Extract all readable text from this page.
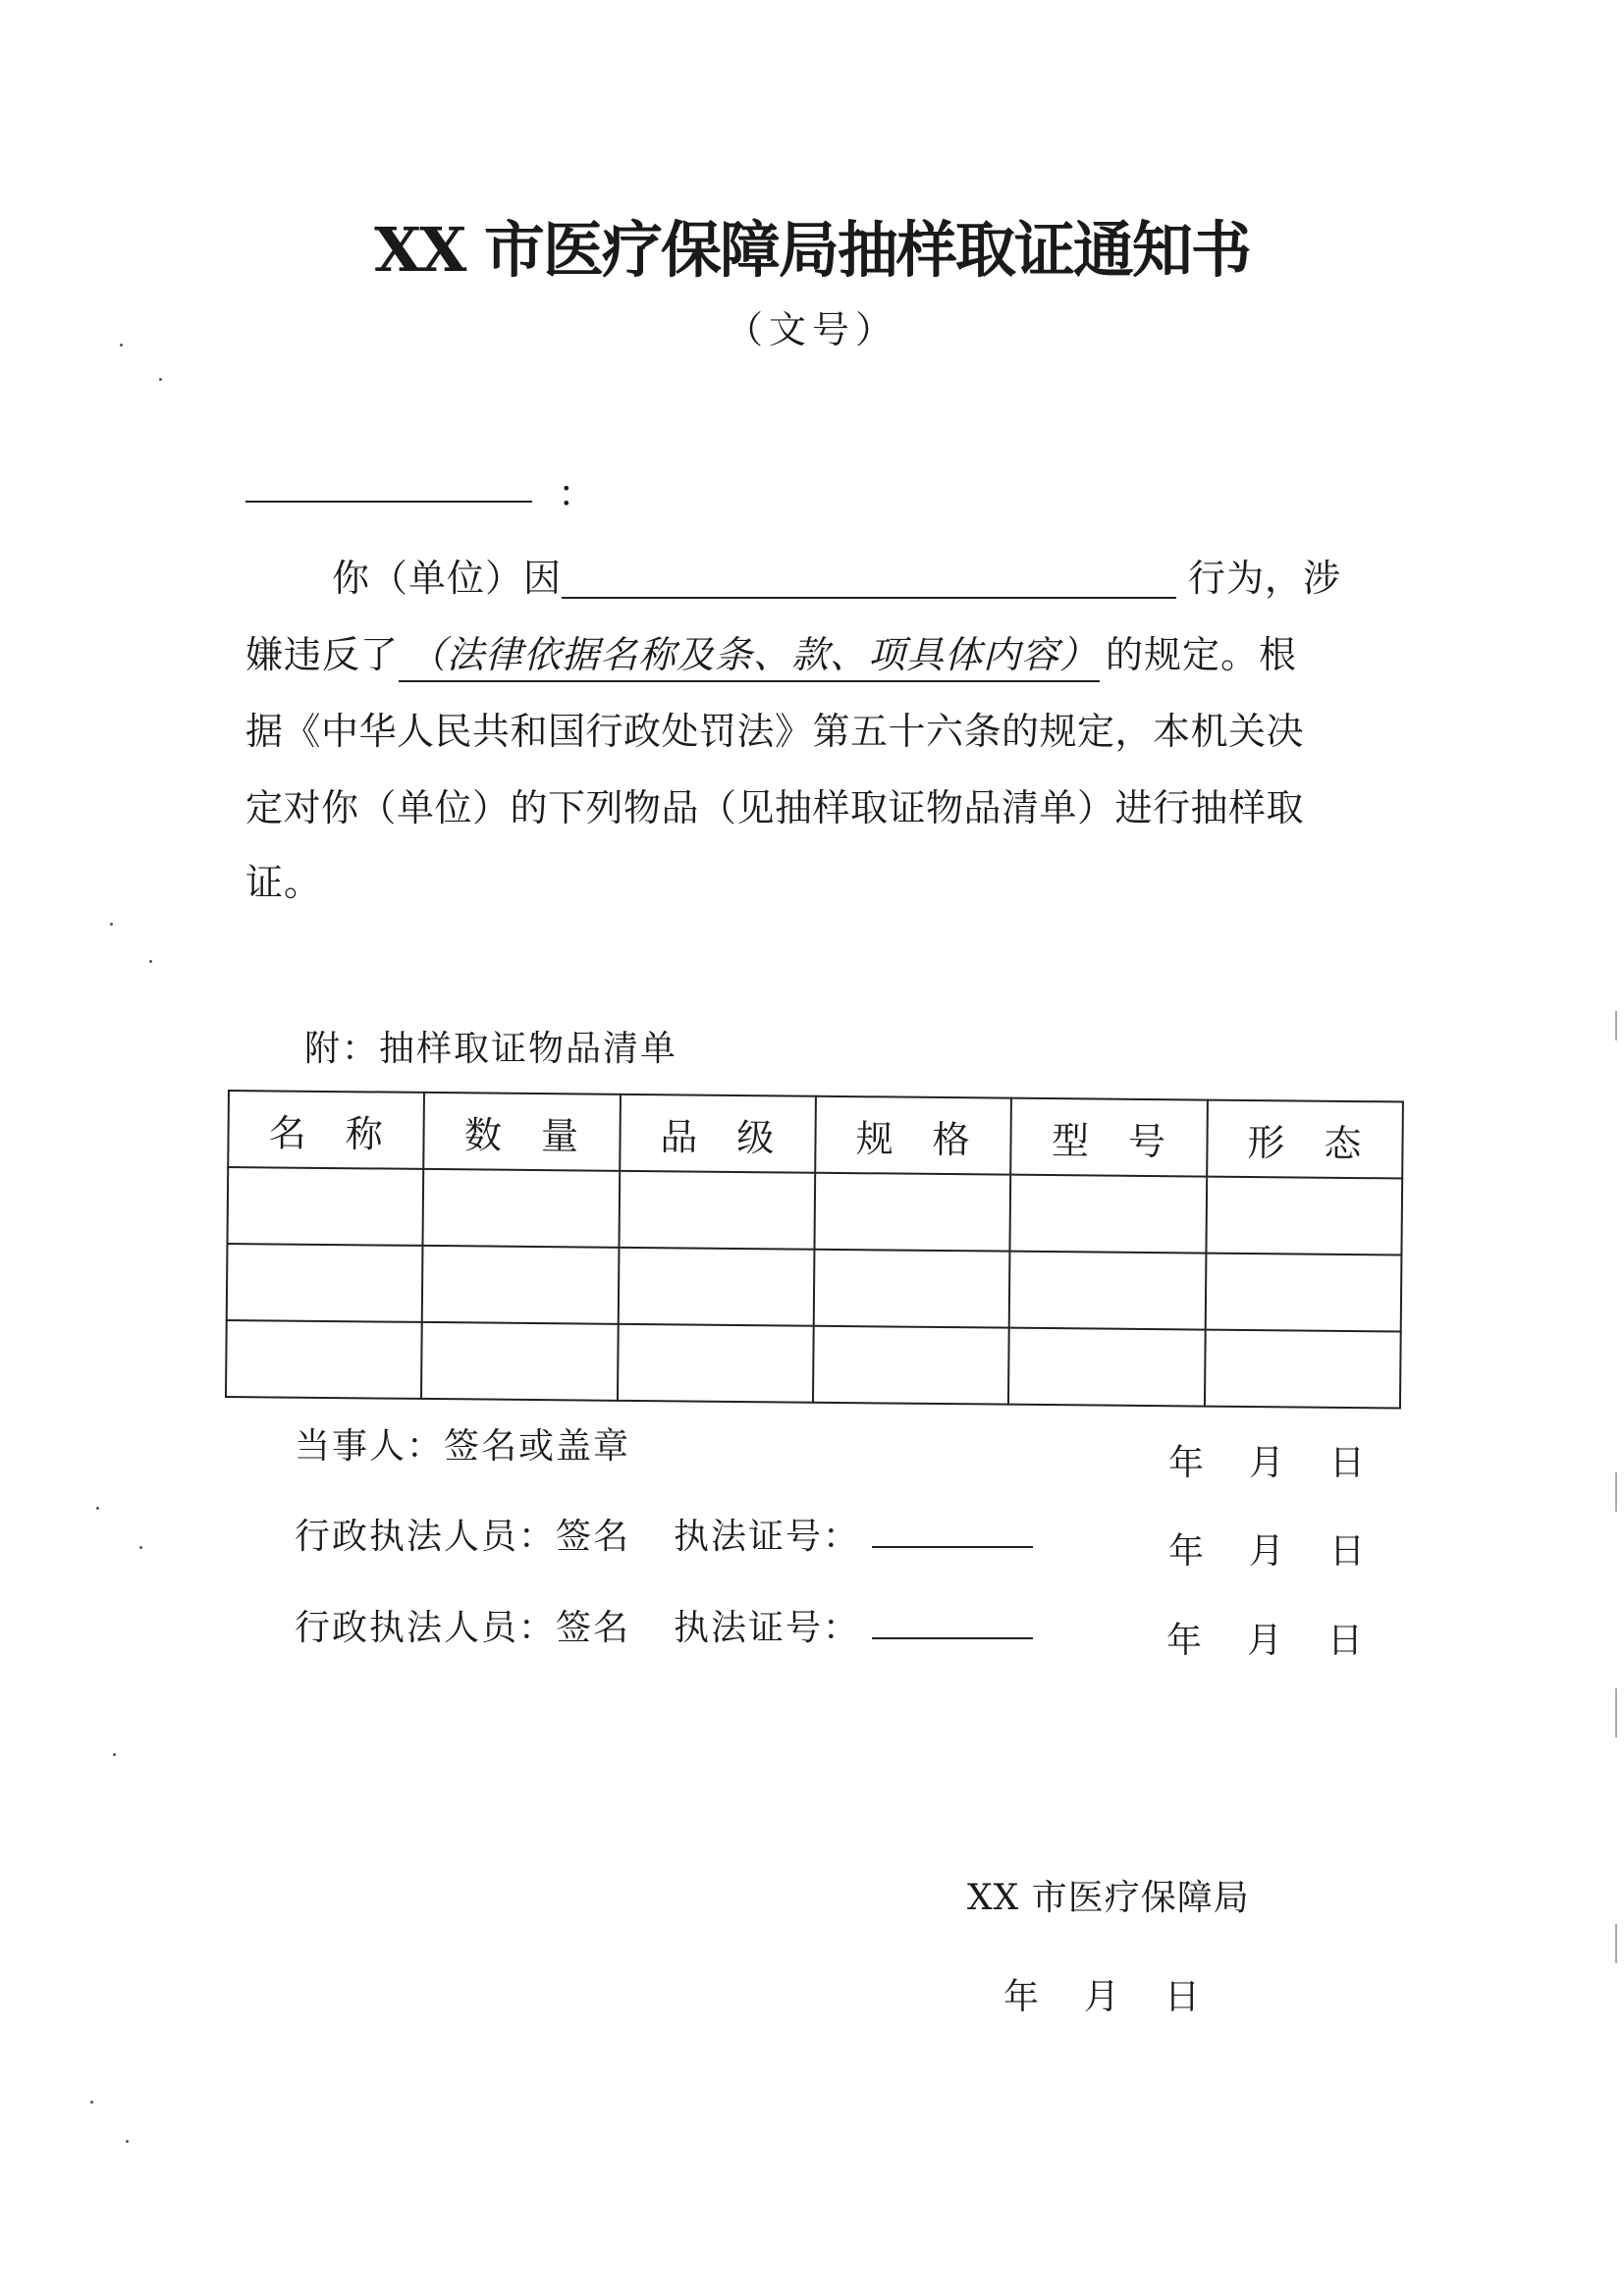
XX 市医疗保障局抽样取证通知书
（文号）
：
你（单位）因	行为，涉
嫌违反了 （法律依据名称及条、款、项具体内容） 的规定。根
据《中华人民共和国行政处罚法》第五十六条的规定，本机关决
定对你（单位）的下列物品（见抽样取证物品清单）进行抽样取
证。
附：抽样取证物品清单
名　称	数　量	品　级	规　格	型　号	形　态

当事人：签名或盖章	年 月 日
行政执法人员：签名 执法证号：	年 月 日
行政执法人员：签名 执法证号：	年 月 日
XX 市医疗保障局
年 月 日
